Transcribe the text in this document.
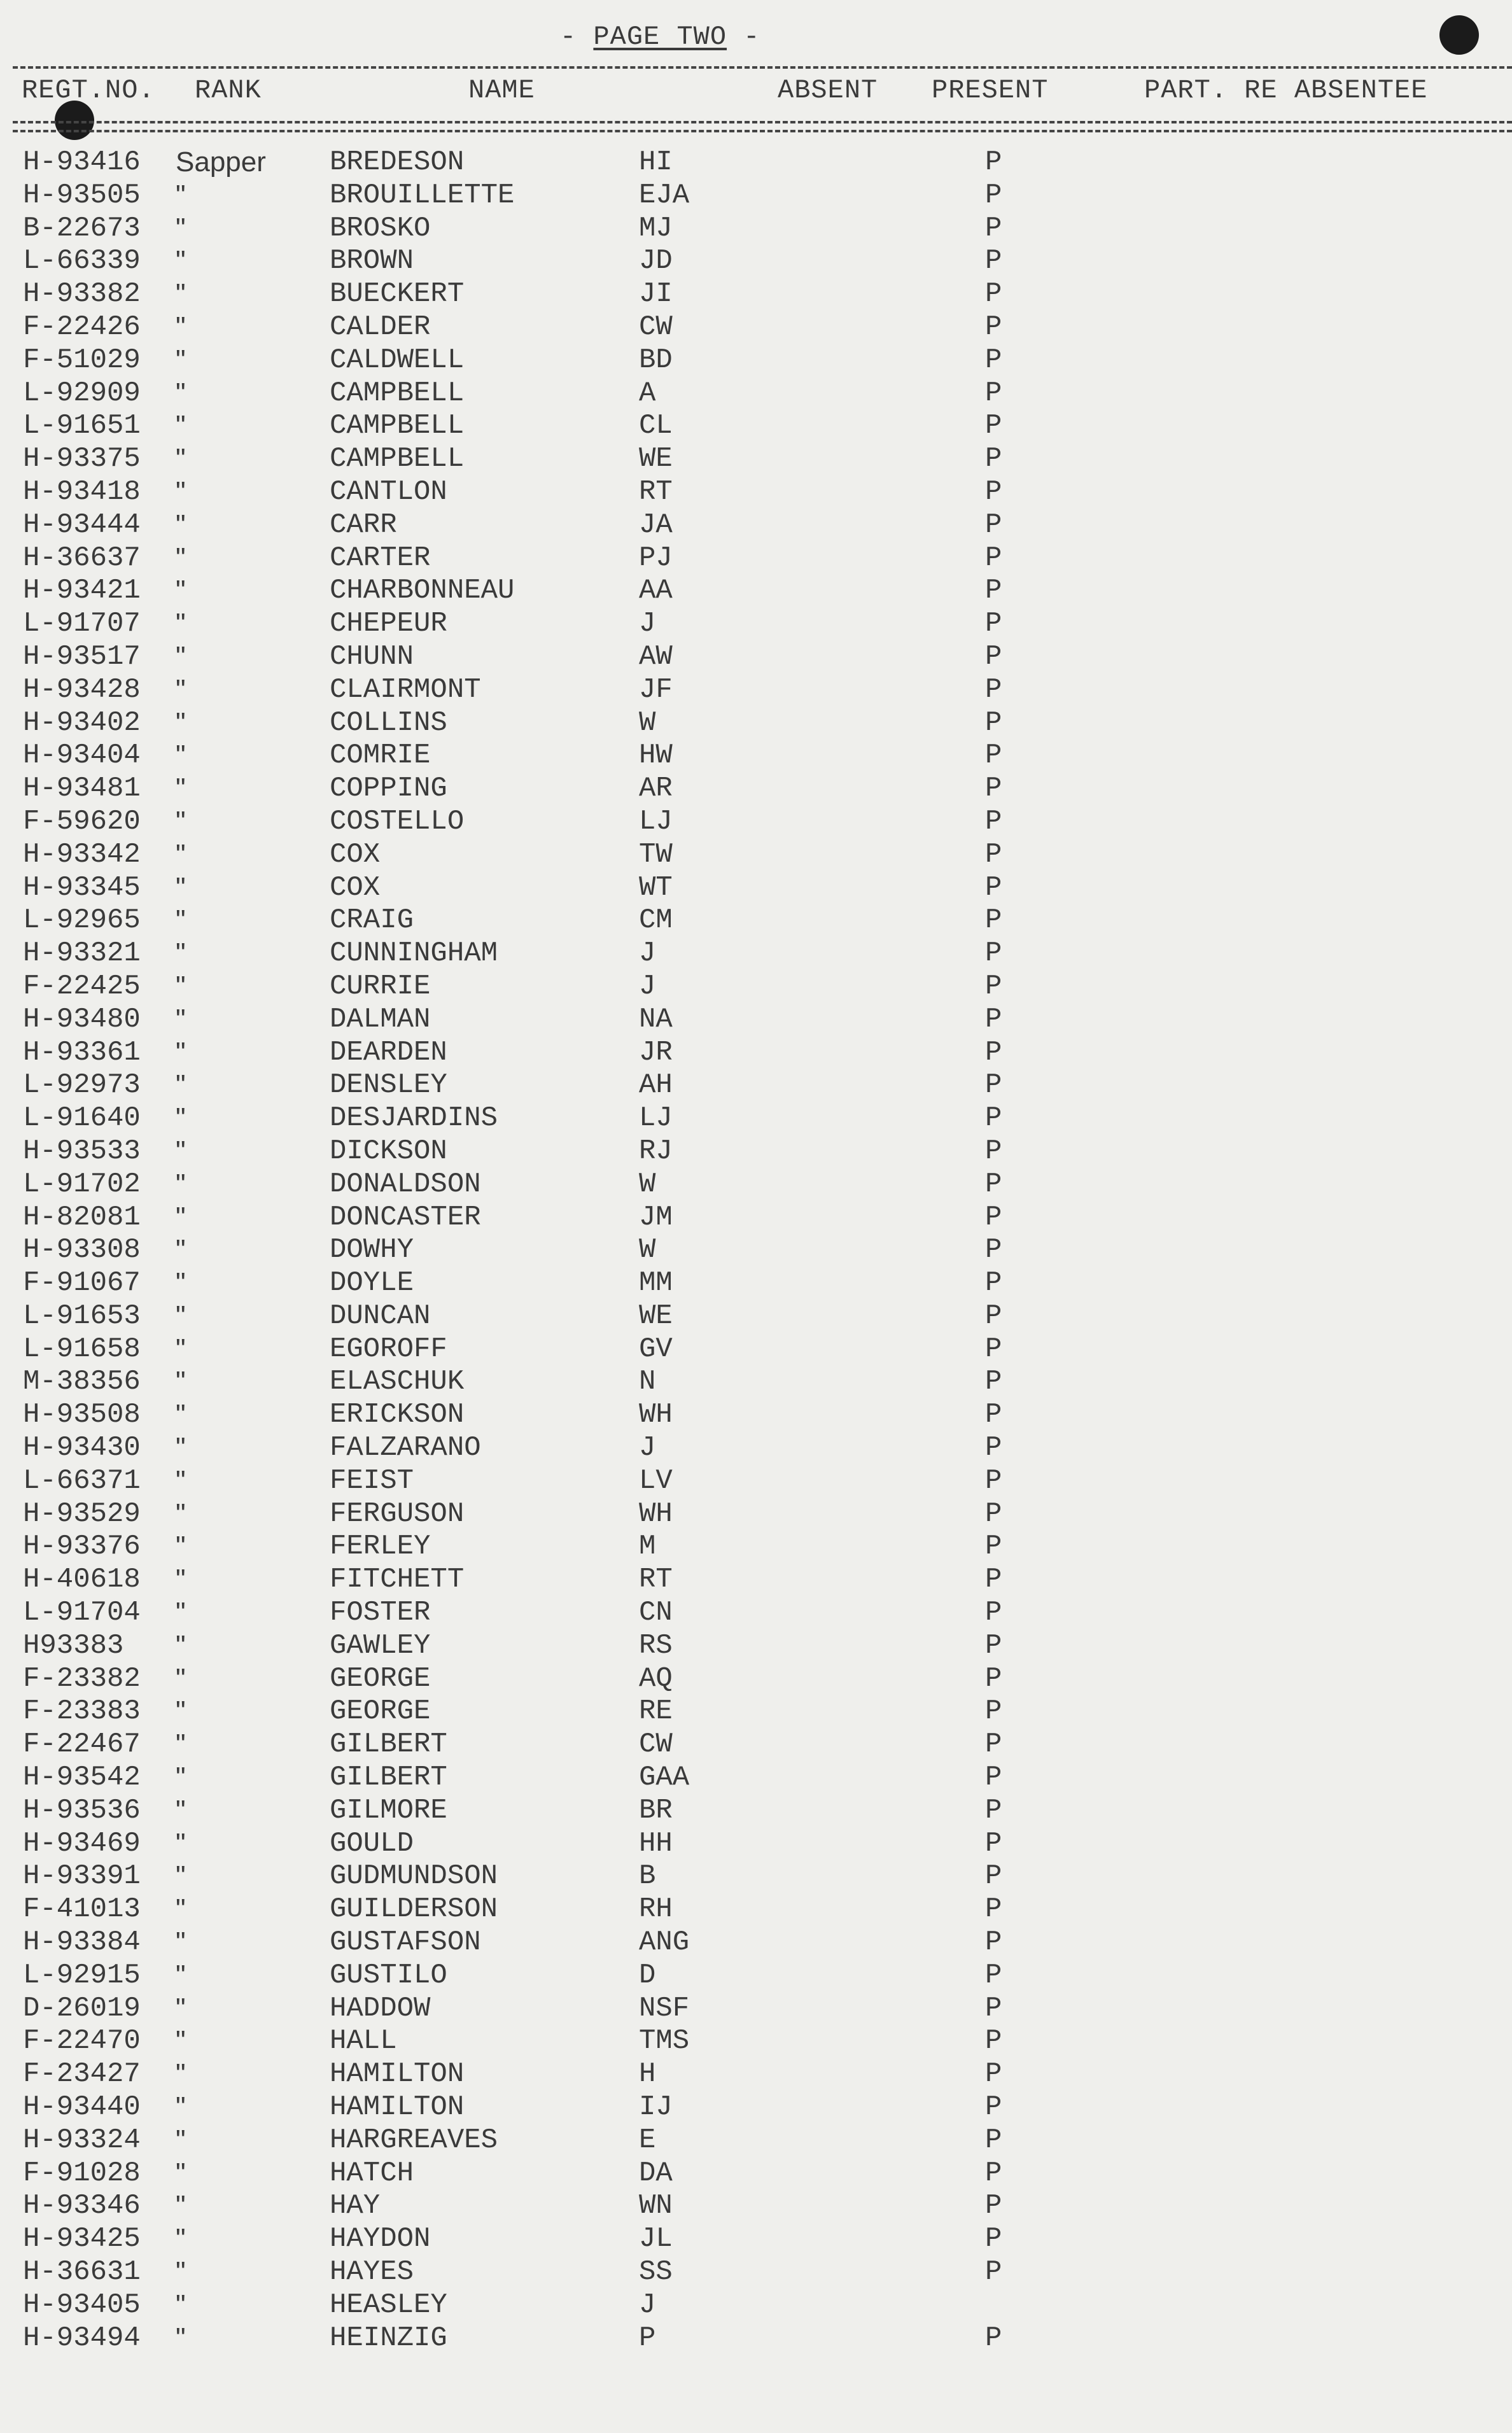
- PAGE TWO -
REGT.NO. RANK	NAME	ABSENT PRESENT	PART. RE ABSENTEE
H-93416 Sapper BREDESON	HI	P
H-93505 "	BROUILLETTE	EJA	P
B-22673 "	BROSKO	MJ	P
L-66339 "	BROWN	JD	P
H-93382 "	BUECKERT	JI	P
F-22426 "	CALDER	CW	P
F-51029 "	CALDWELL	BD	P
L-92909 "	CAMPBELL	A	P
L-91651 "	CAMPBELL	CL	P
H-93375 "	CAMPBELL	WE	P
H-93418 "	CANTLON	RT	P
H-93444 "	CARR	JA	P
H-36637 "	CARTER	PJ	P
H-93421 "	CHARBONNEAU	AA	P
L-91707 "	CHEPEUR	J	P
H-93517 "	CHUNN	AW	P
H-93428 "	CLAIRMONT	JF	P
H-93402 "	COLLINS	W	P
H-93404 "	COMRIE	HW	P
H-93481 "	COPPING	AR	P
F-59620 "	COSTELLO	LJ	P
H-93342 "	COX	TW	P
H-93345 "	COX	WT	P
L-92965 "	CRAIG	CM	P
H-93321 "	CUNNINGHAM	J	P
F-22425 "	CURRIE	J	P
H-93480 "	DALMAN	NA	P
H-93361 "	DEARDEN	JR	P
L-92973 "	DENSLEY	AH	P
L-91640 "	DESJARDINS	LJ	P
H-93533 "	DICKSON	RJ	P
L-91702 "	DONALDSON	W	P
H-82081 "	DONCASTER	JM	P
H-93308 "	DOWHY	W	P
F-91067 "	DOYLE	MM	P
L-91653 "	DUNCAN	WE	P
L-91658 "	EGOROFF	GV	P
M-38356 "	ELASCHUK	N	P
H-93508 "	ERICKSON	WH	P
H-93430 "	FALZARANO	J	P
L-66371 "	FEIST	LV	P
H-93529 "	FERGUSON	WH	P
H-93376 "	FERLEY	M	P
H-40618 "	FITCHETT	RT	P
L-91704 "	FOSTER	CN	P
H93383 "	GAWLEY	RS	P
F-23382 "	GEORGE	AQ	P
F-23383 "	GEORGE	RE	P
F-22467 "	GILBERT	CW	P
H-93542 "	GILBERT	GAA	P
H-93536 "	GILMORE	BR	P
H-93469 "	GOULD	HH	P
H-93391 "	GUDMUNDSON	B	P
F-41013 "	GUILDERSON	RH	P
H-93384 "	GUSTAFSON	ANG	P
L-92915 "	GUSTILO	D	P
D-26019 "	HADDOW	NSF	P
F-22470 "	HALL	TMS	P
F-23427 "	HAMILTON	H	P
H-93440 "	HAMILTON	IJ	P
H-93324 "	HARGREAVES	E	P
F-91028 "	HATCH	DA	P
H-93346 "	HAY	WN	P
H-93425 "	HAYDON	JL	P
H-36631 "	HAYES	SS	P
H-93405 "	HEASLEY	J
H-93494 "	HEINZIG	P	P
